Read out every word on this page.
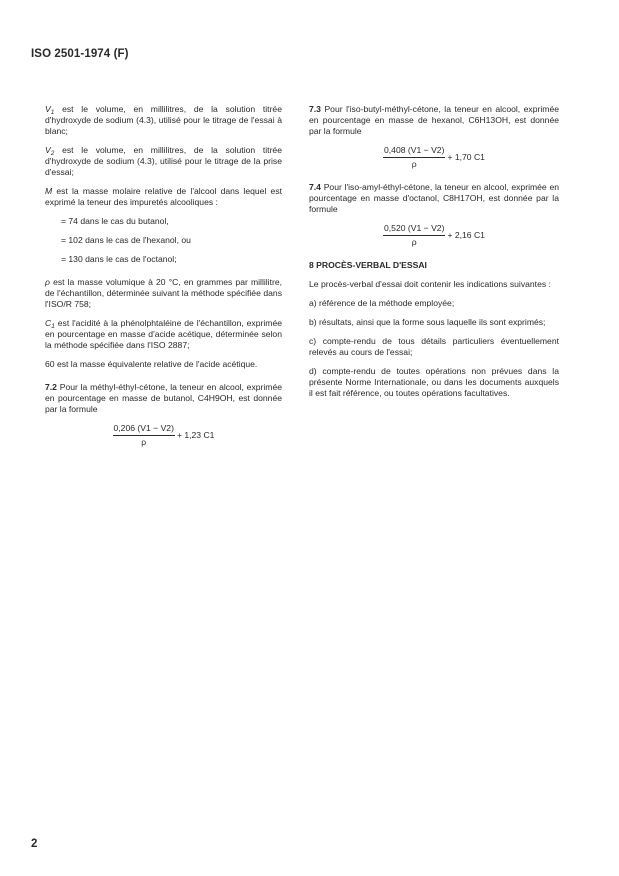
ISO 2501-1974 (F)

$V_1$ est le volume, en millilitres, de la solution titrée d'hydroxyde de sodium (4.3), utilisé pour le titrage de l'essai à blanc;

$V_2$ est le volume, en millilitres, de la solution titrée d'hydroxyde de sodium (4.3), utilisé pour le titrage de la prise d'essai;

M est la masse molaire relative de l'alcool dans lequel est exprimé la teneur des impuretés alcooliques :

= 74 dans le cas du butanol,

= 102 dans le cas de l'hexanol, ou

= 130 dans le cas de l'octanol;

ρ est la masse volumique à 20 °C, en grammes par millilitre, de l'échantillon, déterminée suivant la méthode spécifiée dans l'ISO/R 758;

$C_1$ est l'acidité à la phénolphtaléine de l'échantillon, exprimée en pourcentage en masse d'acide acétique, déterminée selon la méthode spécifiée dans l'ISO 2887;

60 est la masse équivalente relative de l'acide acétique.

7.2 Pour la méthyl-éthyl-cétone, la teneur en alcool, exprimée en pourcentage en masse de butanol, C4H9OH, est donnée par la formule

$\frac{0,206 (V1 - V2)}{\rho} + 1,23$ C1

7.3 Pour l'iso-butyl-méthyl-cétone, la teneur en alcool, exprimée en pourcentage en masse de hexanol, C6H13OH, est donnée par la formule

$\frac{0,408 (V1 - V2)}{\rho} + 1,70$ C1

7.4 Pour l'iso-amyl-éthyl-cétone, la teneur en alcool, exprimée en pourcentage en masse d'octanol, C8H17OH, est donnée par la formule

$\frac{0,520 (V1 - V2)}{\rho} + 2,16$ C1

8 PROCÈS-VERBAL D'ESSAI

Le procès-verbal d'essai doit contenir les indications suivantes :

a) référence de la méthode employée;

b) résultats, ainsi que la forme sous laquelle ils sont exprimés;

c) compte-rendu de tous détails particuliers éventuellement relevés au cours de l'essai;

d) compte-rendu de toutes opérations non prévues dans la présente Norme Internationale, ou dans les documents auxquels il est fait référence, ou toutes opérations facultatives.

2
